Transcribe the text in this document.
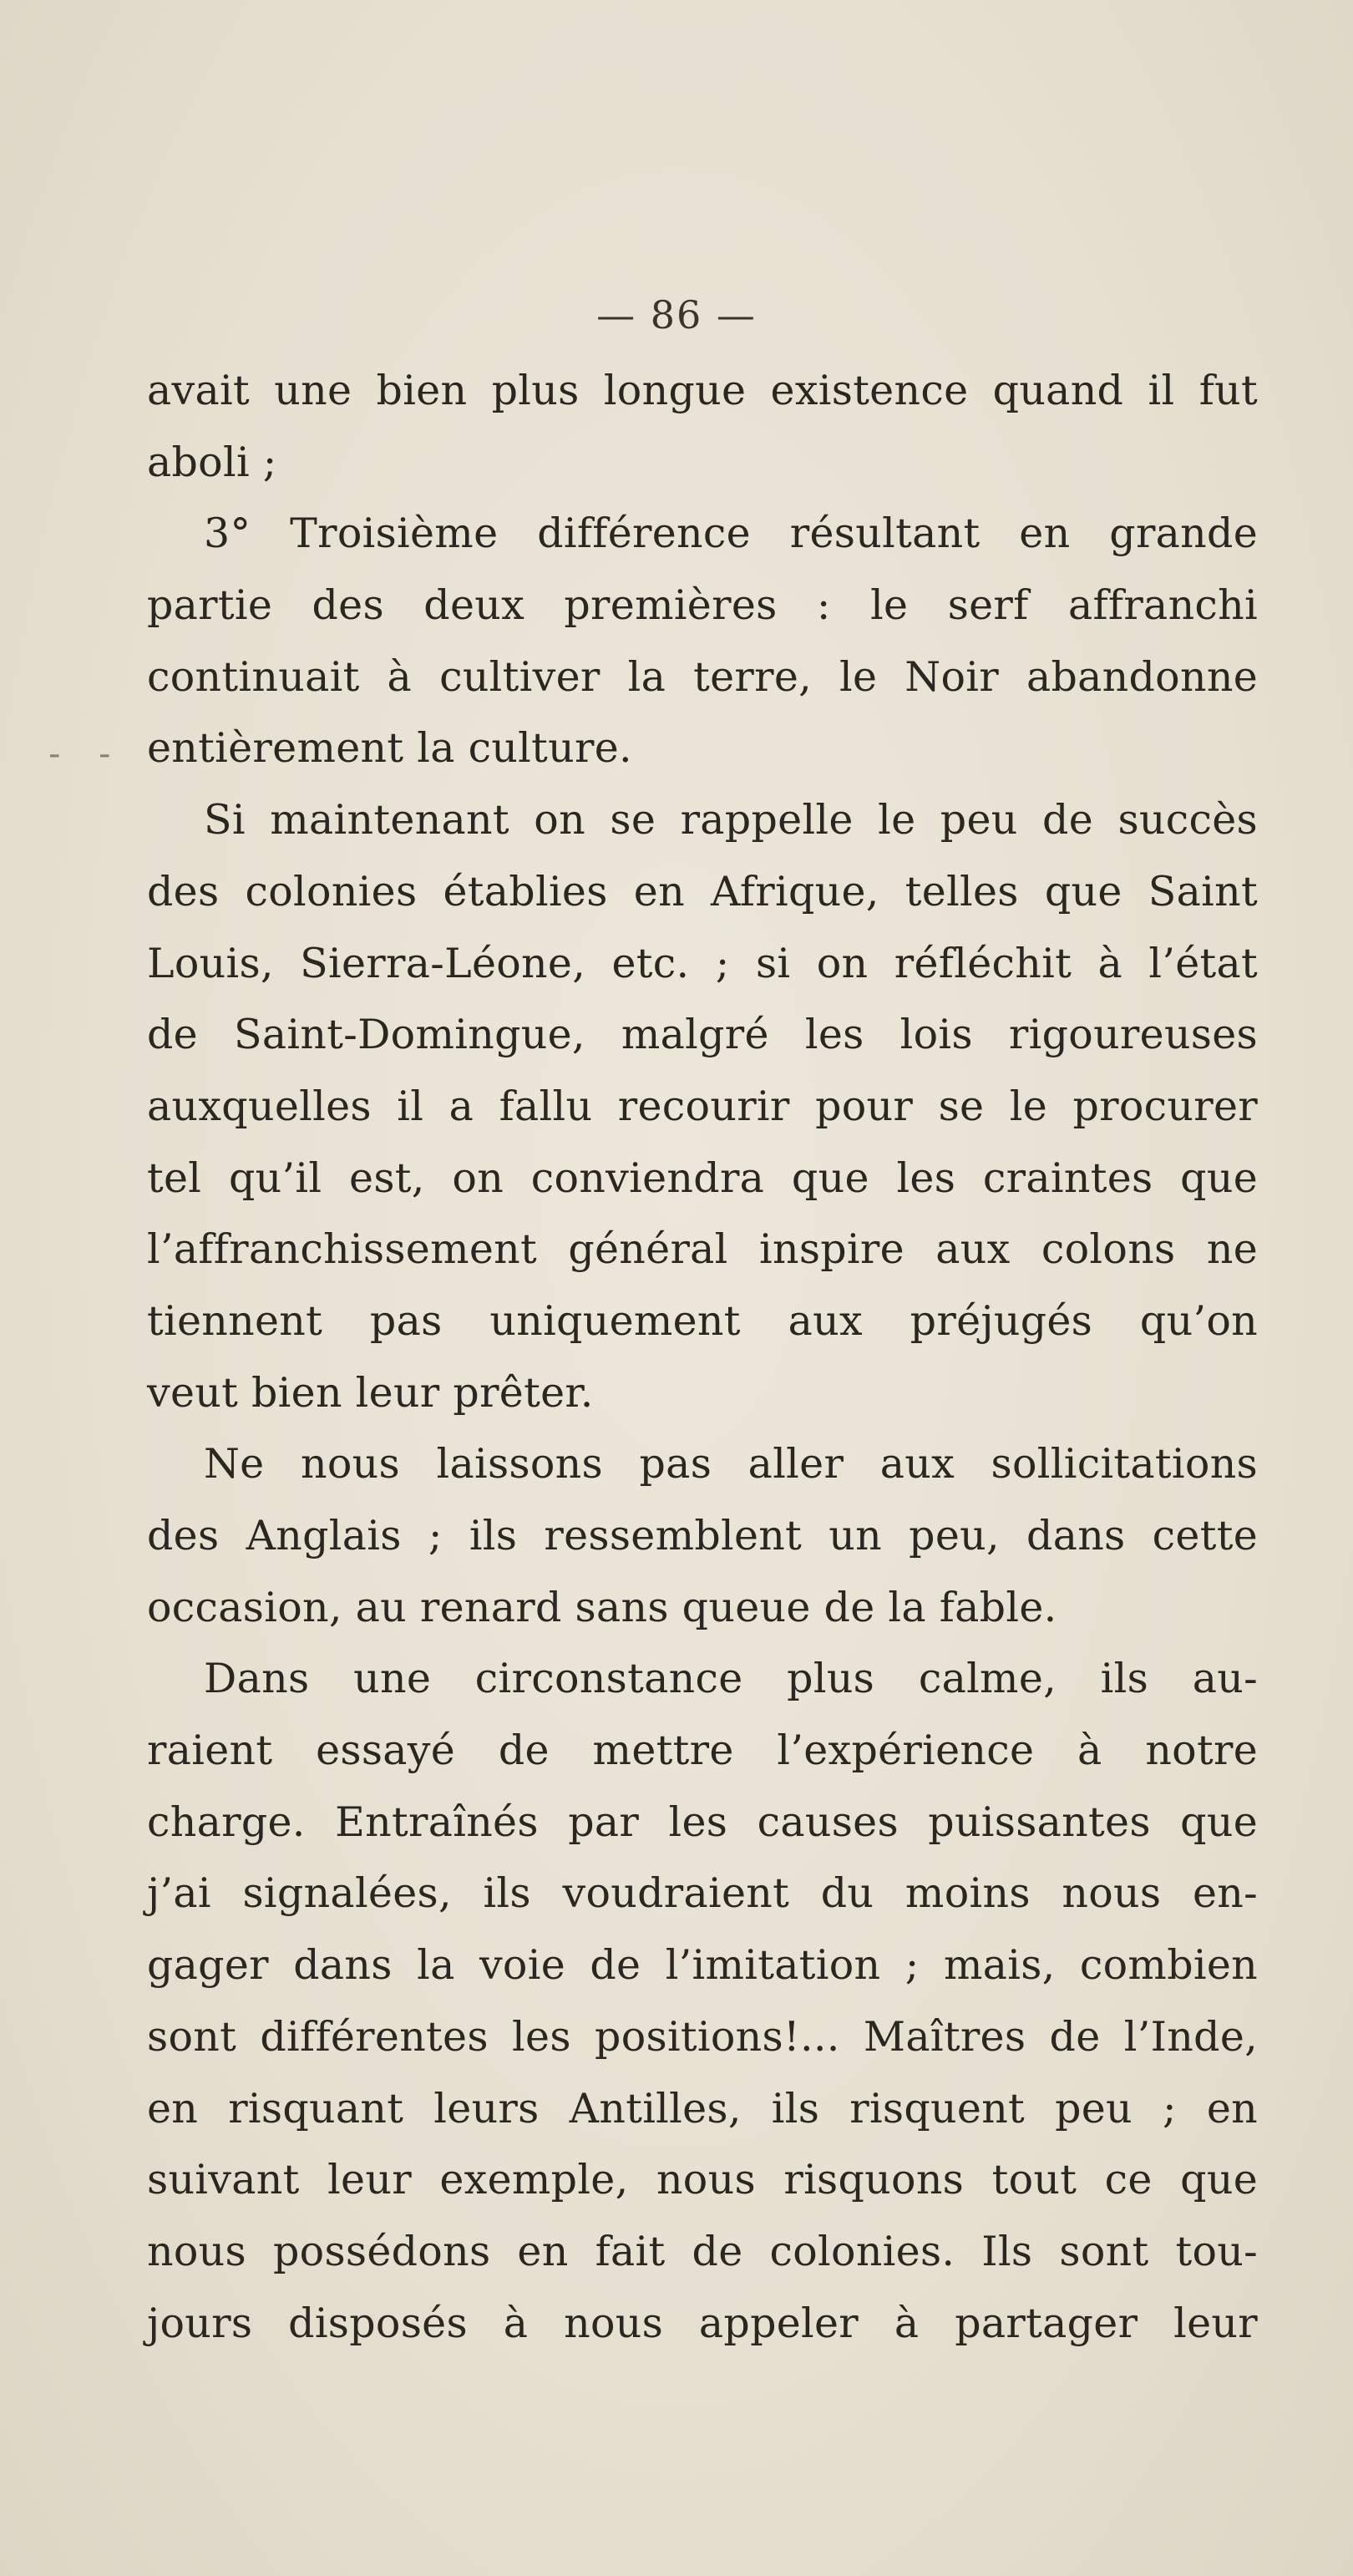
— 86 —
-
-
avait une bien plus longue existence quand il fut
aboli ;
3° Troisième différence résultant en grande
partie des deux premières : le serf affranchi
continuait à cultiver la terre, le Noir abandonne
entièrement la culture.
Si maintenant on se rappelle le peu de succès
des colonies établies en Afrique, telles que Saint
Louis, Sierra-Léone, etc. ; si on réfléchit à l’état
de Saint-Domingue, malgré les lois rigoureuses
auxquelles il a fallu recourir pour se le procurer
tel qu’il est, on conviendra que les craintes que
l’affranchissement général inspire aux colons ne
tiennent pas uniquement aux préjugés qu’on
veut bien leur prêter.
Ne nous laissons pas aller aux sollicitations
des Anglais ; ils ressemblent un peu, dans cette
occasion, au renard sans queue de la fable.
Dans une circonstance plus calme, ils au-
raient essayé de mettre l’expérience à notre
charge. Entraînés par les causes puissantes que
j’ai signalées, ils voudraient du moins nous en-
gager dans la voie de l’imitation ; mais, combien
sont différentes les positions!... Maîtres de l’Inde,
en risquant leurs Antilles, ils risquent peu ; en
suivant leur exemple, nous risquons tout ce que
nous possédons en fait de colonies. Ils sont tou-
jours disposés à nous appeler à partager leur
